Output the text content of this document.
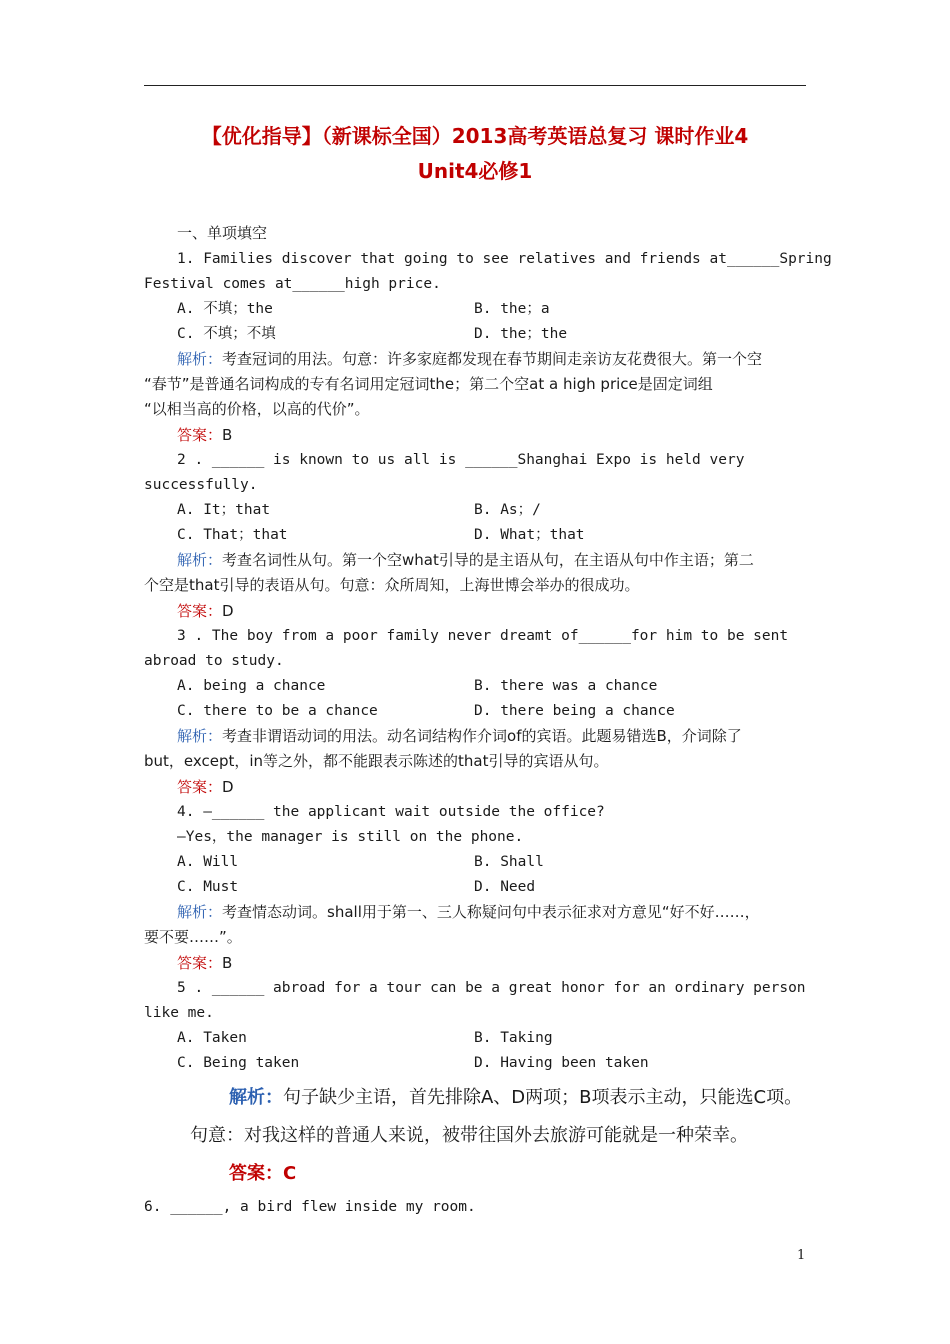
【优化指导】（新课标全国）2013高考英语总复习 课时作业4
Unit4必修1
一、单项填空
1. Families discover that going to see relatives and friends at______Spring
Festival comes at______high price.
A. 不填；the	B. the；a
C. 不填；不填	D. the；the
解析：考查冠词的用法。句意：许多家庭都发现在春节期间走亲访友花费很大。第一个空
“春节”是普通名词构成的专有名词用定冠词the；第二个空at a high price是固定词组
“以相当高的价格，以高的代价”。
答案：B
2 . ______ is known to us all is ______Shanghai Expo is held very
successfully.
A. It；that	B. As；/
C. That；that	D. What；that
解析：考查名词性从句。第一个空what引导的是主语从句，在主语从句中作主语；第二
个空是that引导的表语从句。句意：众所周知，上海世博会举办的很成功。
答案：D
3 . The boy from a poor family never dreamt of______for him to be sent
abroad to study.
A. being a chance	B. there was a chance
C. there to be a chance	D. there being a chance
解析：考查非谓语动词的用法。动名词结构作介词of的宾语。此题易错选B，介词除了
but，except，in等之外，都不能跟表示陈述的that引导的宾语从句。
答案：D
4. —______ the applicant wait outside the office?
—Yes，the manager is still on the phone.
A. Will	B. Shall
C. Must	D. Need
解析：考查情态动词。shall用于第一、三人称疑问句中表示征求对方意见“好不好……，
要不要……”。
答案：B
5 . ______ abroad for a tour can be a great honor for an ordinary person
like me.
A. Taken	B. Taking
C. Being taken	D. Having been taken
解析：句子缺少主语，首先排除A、D两项；B项表示主动，只能选C项。
句意：对我这样的普通人来说，被带往国外去旅游可能就是一种荣幸。
答案：C
6. ______, a bird flew inside my room.
1
